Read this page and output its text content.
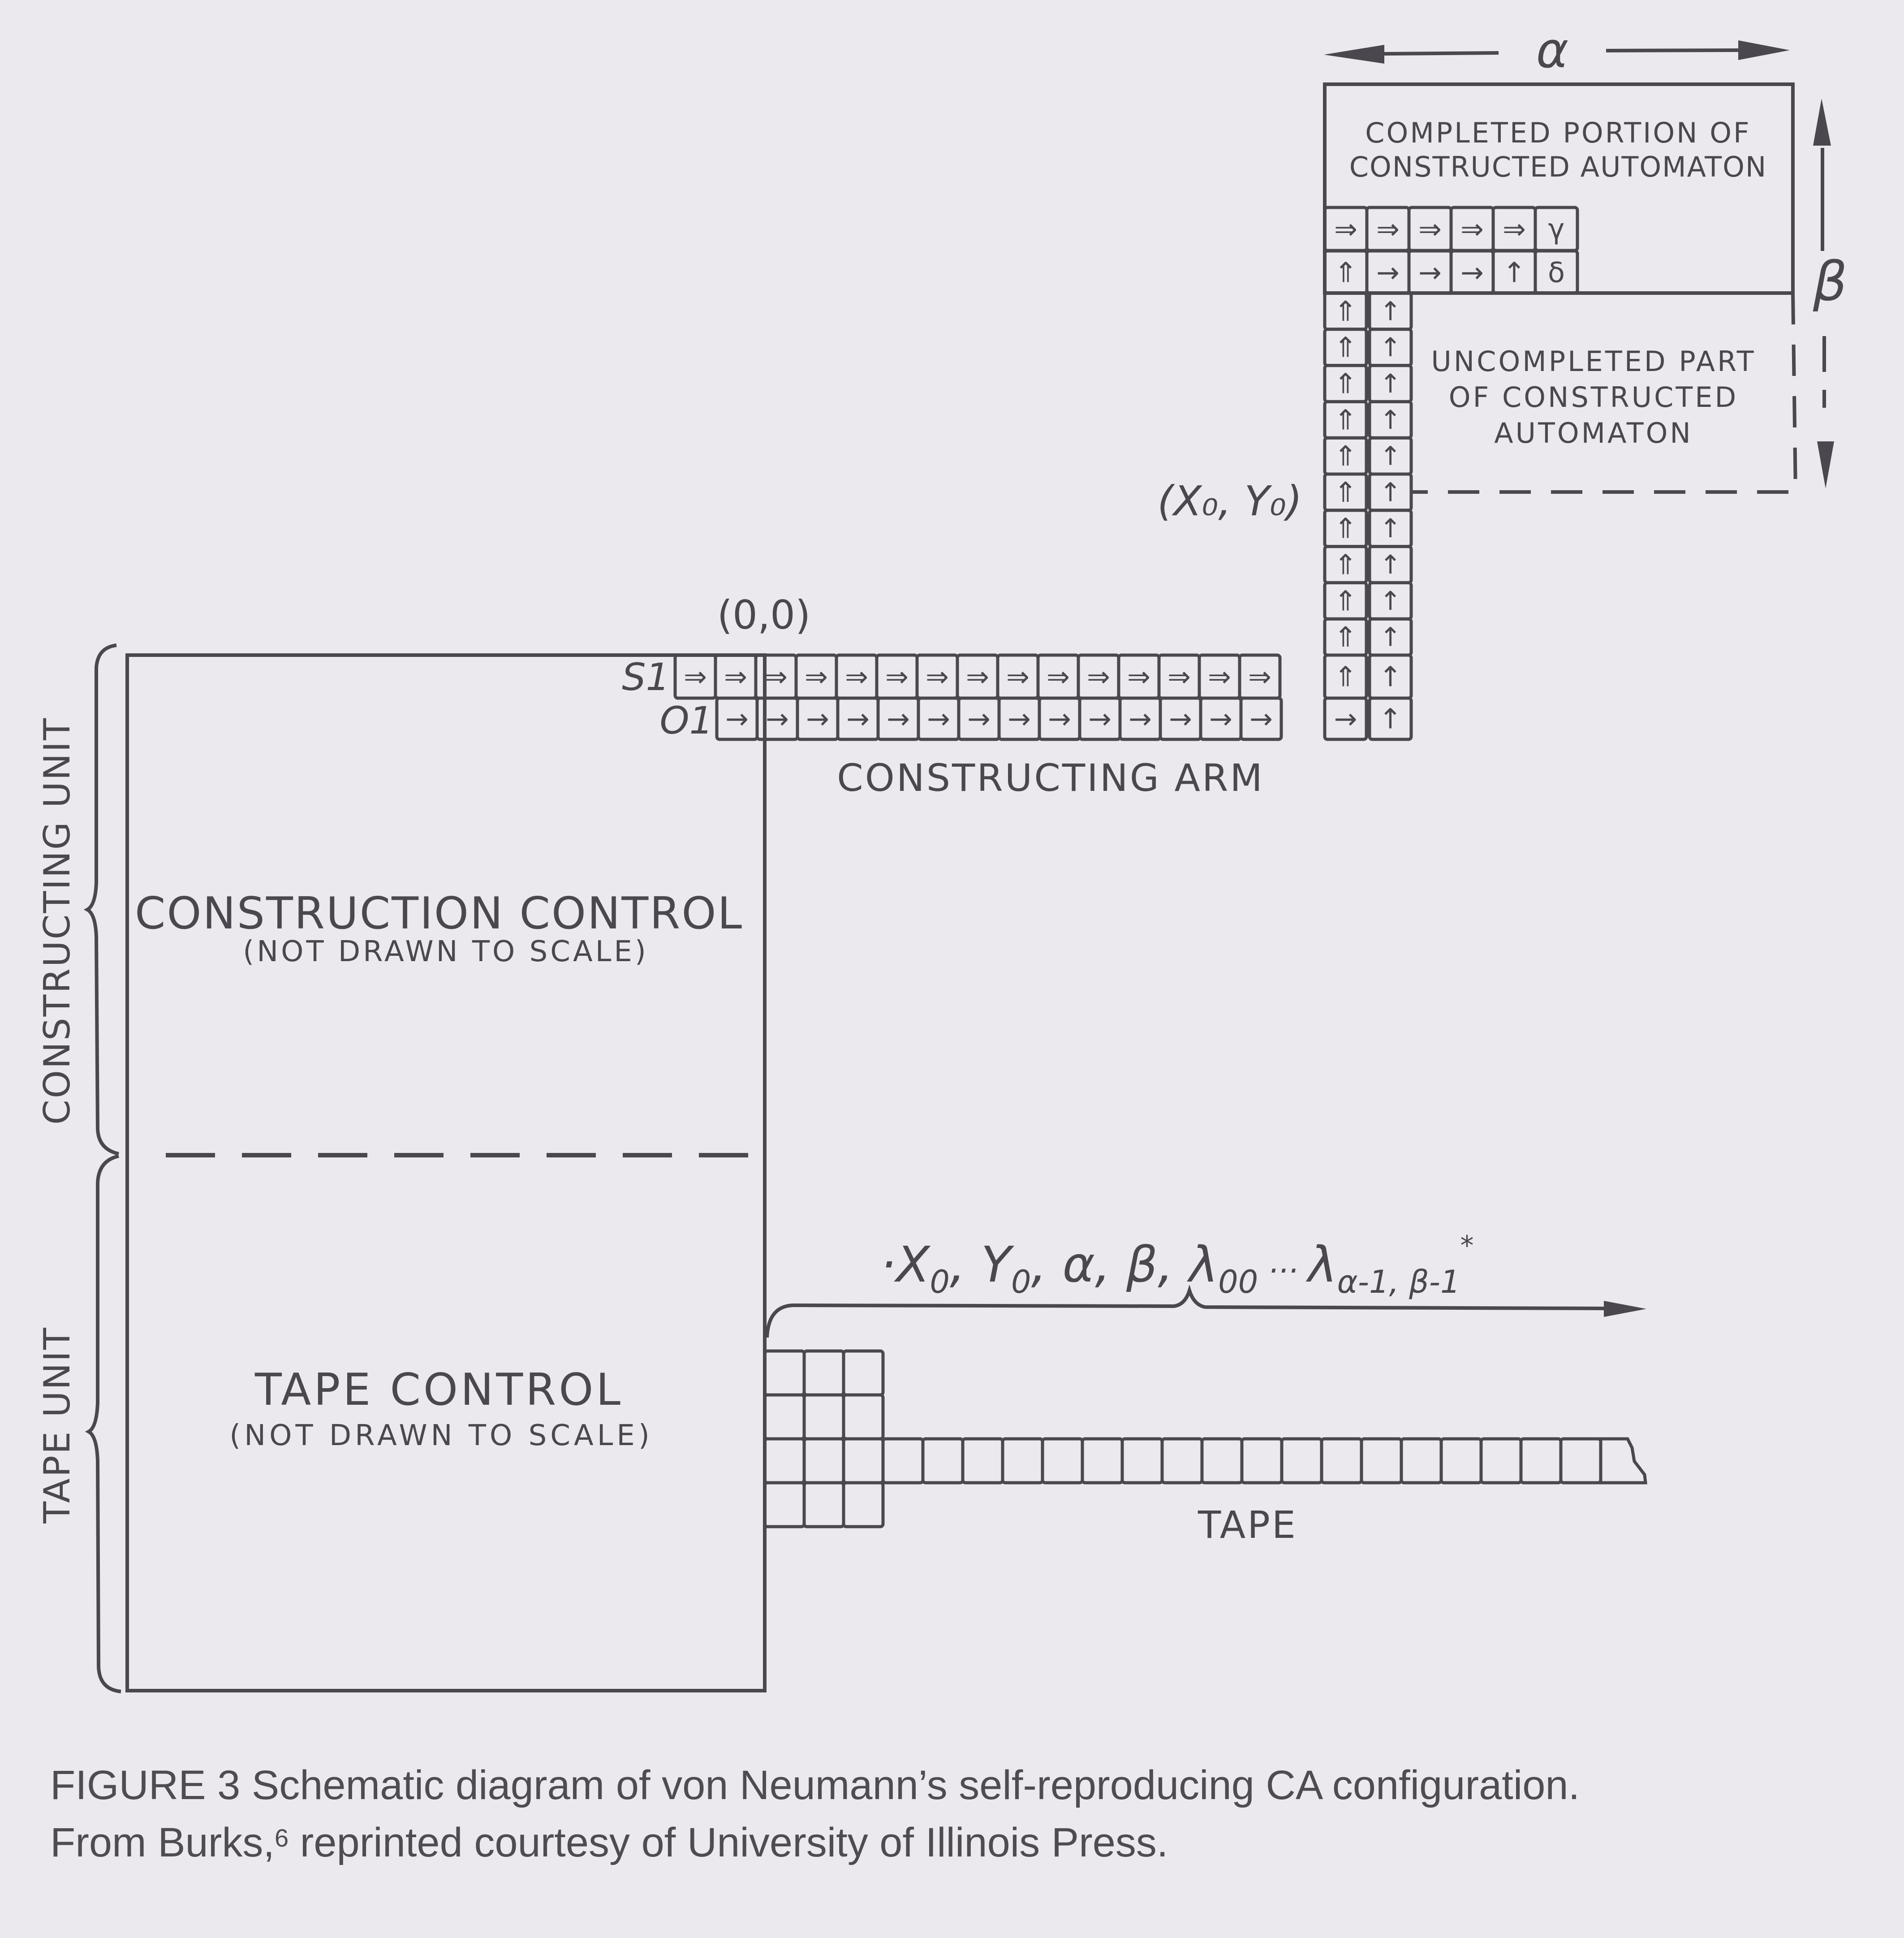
⇒ ⇒ ⇒ ⇒ ⇒ ⇒ ⇒ ⇒ ⇒ ⇒ ⇒ ⇒ ⇒ ⇒ ⇒
→ → → → → → → → → → → → → → → ↑
⇑ ↑
⇑ ↑
⇑ ↑
⇑ ↑
⇑ ↑
⇑ ↑
⇑ ↑
⇑ ↑
⇑ ↑
⇑ ↑
⇑ ↑
⇒ ⇒ ⇒ ⇒ ⇒ γ
⇑ → → → ↑ δ
α
β
COMPLETED PORTION OF
CONSTRUCTED AUTOMATON
UNCOMPLETED PART
OF CONSTRUCTED
AUTOMATON
(X₀, Y₀)
(0,0)
S1
O1
CONSTRUCTING ARM
CONSTRUCTION CONTROL
(NOT DRAWN TO SCALE)
TAPE CONTROL
(NOT DRAWN TO SCALE)
CONSTRUCTING UNIT
TAPE UNIT
TAPE
$\cdot X_0$, $Y_0$, α, β, $\lambda_{00}$ ··· $\lambda_{\alpha-1, \beta-1}^*$
FIGURE 3 Schematic diagram of von Neumann’s self-reproducing CA configuration.
From Burks,$^6$ reprinted courtesy of University of Illinois Press.
